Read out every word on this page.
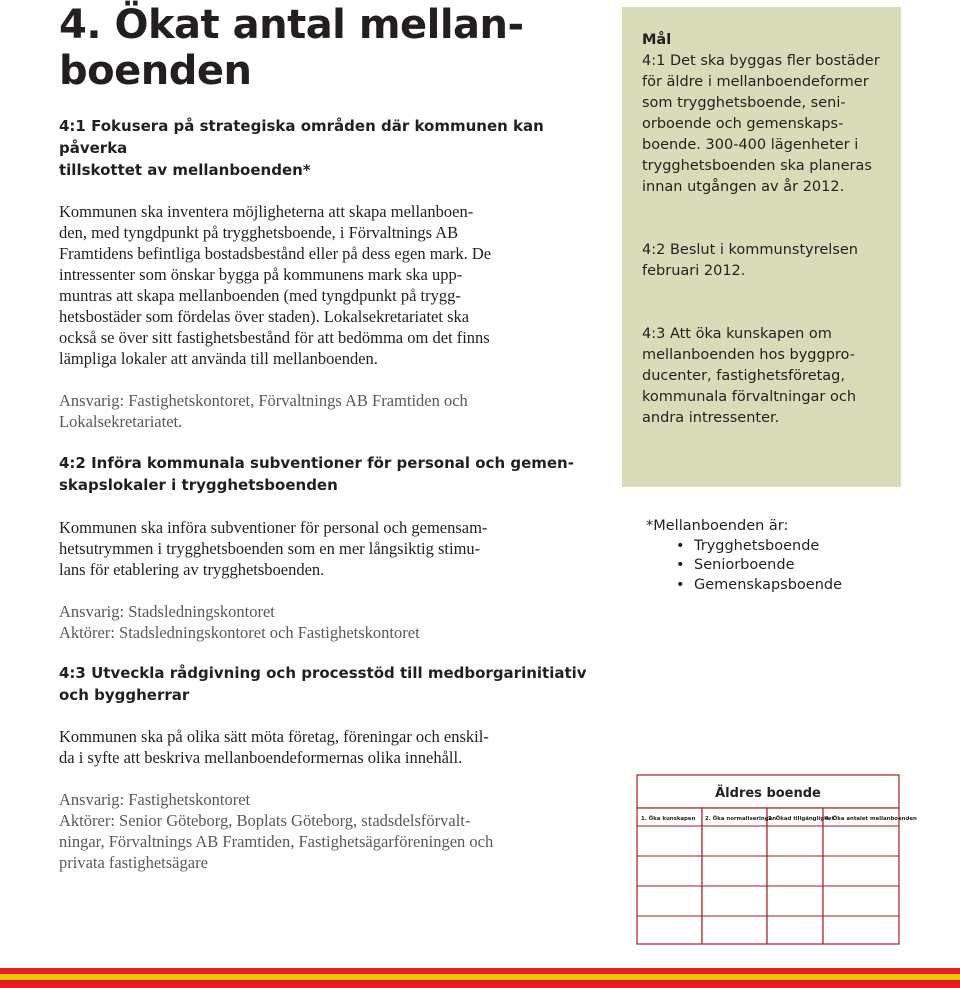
4. Ökat antal mellan-
boenden

4:1 Fokusera på strategiska områden där kommunen kan påverka
tillskottet av mellanboenden*

Kommunen ska inventera möjligheterna att skapa mellanboen-
den, med tyngdpunkt på trygghetsboende, i Förvaltnings AB
Framtidens befintliga bostadsbestånd eller på dess egen mark. De
intressenter som önskar bygga på kommunens mark ska upp-
muntras att skapa mellanboenden (med tyngdpunkt på trygg-
hetsbostäder som fördelas över staden). Lokalsekretariatet ska
också se över sitt fastighetsbestånd för att bedömma om det finns
lämpliga lokaler att använda till mellanboenden.

Ansvarig: Fastighetskontoret, Förvaltnings AB Framtiden och
Lokalsekretariatet.

4:2 Införa kommunala subventioner för personal och gemen-
skapslokaler i trygghetsboenden

Kommunen ska införa subventioner för personal och gemensam-
hetsutrymmen i trygghetsboenden som en mer långsiktig stimu-
lans för etablering av trygghetsboenden.

Ansvarig: Stadsledningskontoret
Aktörer: Stadsledningskontoret och Fastighetskontoret

4:3 Utveckla rådgivning och processtöd till medborgarinitiativ
och byggherrar

Kommunen ska på olika sätt möta företag, föreningar och enskil-
da i syfte att beskriva mellanboendeformernas olika innehåll.

Ansvarig: Fastighetskontoret
Aktörer: Senior Göteborg, Boplats Göteborg, stadsdelsförvalt-
ningar, Förvaltnings AB Framtiden, Fastighetsägarföreningen och
privata fastighetsägare

Mål
4:1 Det ska byggas fler bostäder
för äldre i mellanboendeformer
som trygghetsboende, seni-
orboende och gemenskaps-
boende. 300-400 lägenheter i
trygghetsboenden ska planeras
innan utgången av år 2012.
4:2 Beslut i kommunstyrelsen
februari 2012.
4:3 Att öka kunskapen om
mellanboenden hos byggpro-
ducenter, fastighetsföretag,
kommunala förvaltningar och
andra intressenter.
*Mellanboenden är:
• Trygghetsboende
• Seniorboende
• Gemenskapsboende
Äldres boende
1. Öka kunskapen 2. Öka normaliseringen
3. Ökad tillgänglighet
4. Öka antalet mellanboenden
